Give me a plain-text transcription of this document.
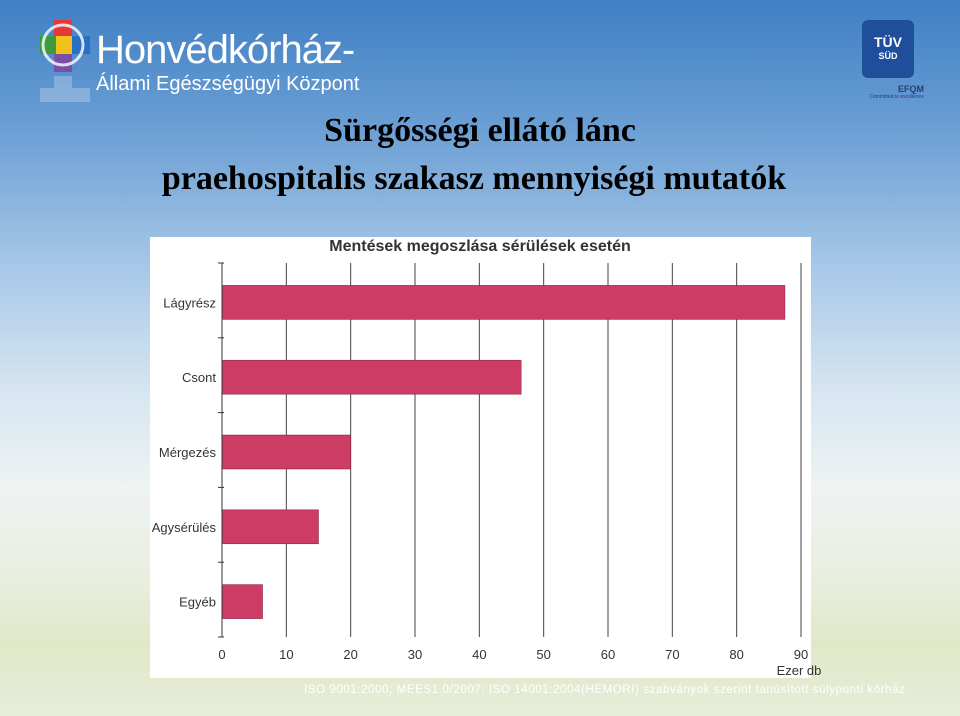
Honvédkórház-
Állami Egészségügyi Központ
TÜV
SÜD
EFQM
Committed to excellence
Sürgősségi ellátó lánc
praehospitalis szakasz mennyiségi mutatók
Mentések megoszlása sérülések esetén
0	10	20	30	40	50	60	70	80	90
Lágyrész
Csont
Mérgezés
Agysérülés
Egyéb
Ezer db
ISO 9001:2000; MEES1.0/2007; ISO 14001:2004(HEMORI) szabványok szerint tanúsított súlyponti kórház
